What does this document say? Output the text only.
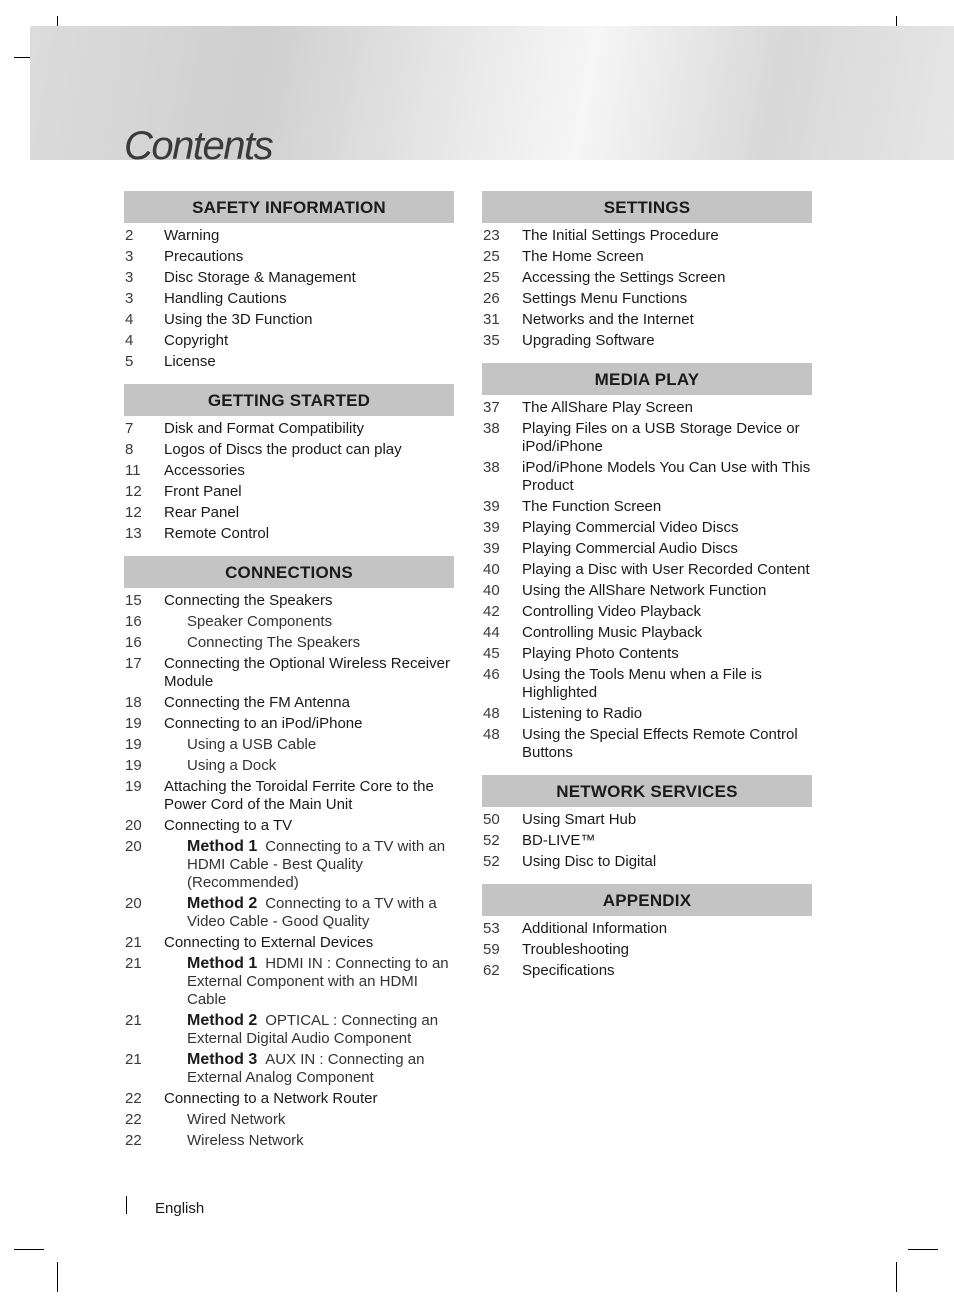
Contents
SAFETY INFORMATION
2 Warning
3 Precautions
3 Disc Storage & Management
3 Handling Cautions
4 Using the 3D Function
4 Copyright
5 License
GETTING STARTED
7 Disk and Format Compatibility
8 Logos of Discs the product can play
11 Accessories
12 Front Panel
12 Rear Panel
13 Remote Control
CONNECTIONS
15 Connecting the Speakers
16	Speaker Components
16	Connecting The Speakers
17 Connecting the Optional Wireless Receiver Module
18 Connecting the FM Antenna
19 Connecting to an iPod/iPhone
19	Using a USB Cable
19	Using a Dock
19 Attaching the Toroidal Ferrite Core to the Power Cord of the Main Unit
20 Connecting to a TV
20	Method 1 Connecting to a TV with an HDMI Cable - Best Quality (Recommended)
20	Method 2 Connecting to a TV with a Video Cable - Good Quality
21 Connecting to External Devices
21	Method 1 HDMI IN : Connecting to an External Component with an HDMI Cable
21	Method 2 OPTICAL : Connecting an External Digital Audio Component
21	Method 3 AUX IN : Connecting an External Analog Component
22 Connecting to a Network Router
22	Wired Network
22	Wireless Network
SETTINGS
23 The Initial Settings Procedure
25 The Home Screen
25 Accessing the Settings Screen
26 Settings Menu Functions
31 Networks and the Internet
35 Upgrading Software
MEDIA PLAY
37 The AllShare Play Screen
38 Playing Files on a USB Storage Device or iPod/iPhone
38 iPod/iPhone Models You Can Use with This Product
39 The Function Screen
39 Playing Commercial Video Discs
39 Playing Commercial Audio Discs
40 Playing a Disc with User Recorded Content
40 Using the AllShare Network Function
42 Controlling Video Playback
44 Controlling Music Playback
45 Playing Photo Contents
46 Using the Tools Menu when a File is Highlighted
48 Listening to Radio
48 Using the Special Effects Remote Control Buttons
NETWORK SERVICES
50 Using Smart Hub
52 BD-LIVE™
52 Using Disc to Digital
APPENDIX
53 Additional Information
59 Troubleshooting
62 Specifications
English
